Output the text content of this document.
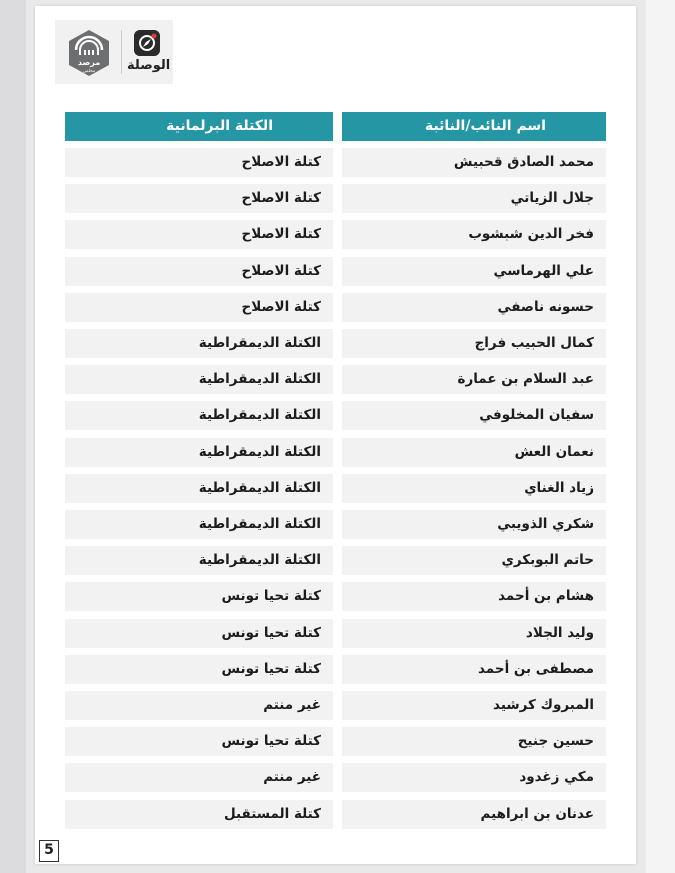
مرصد
مجلس الوصلة
الكتلة البرلمانية	اسم النائب/النائبة
كتلة الاصلاح	محمد الصادق قحبيش
كتلة الاصلاح	جلال الزياتي
كتلة الاصلاح	فخر الدين شبشوب
كتلة الاصلاح	علي الهرماسي
كتلة الاصلاح	حسونه ناصفي
الكتلة الديمقراطية	كمال الحبيب فراج
الكتلة الديمقراطية	عبد السلام بن عمارة
الكتلة الديمقراطية	سفيان المخلوفي
الكتلة الديمقراطية	نعمان العش
الكتلة الديمقراطية	زياد الغناي
الكتلة الديمقراطية	شكري الذويبي
الكتلة الديمقراطية	حاتم البوبكري
كتلة تحيا تونس	هشام بن أحمد
كتلة تحيا تونس	وليد الجلاد
كتلة تحيا تونس	مصطفى بن أحمد
غير منتم	المبروك كرشيد
كتلة تحيا تونس	حسين جنيح
غير منتم	مكي زغدود
كتلة المستقبل	عدنان بن ابراهيم
5
